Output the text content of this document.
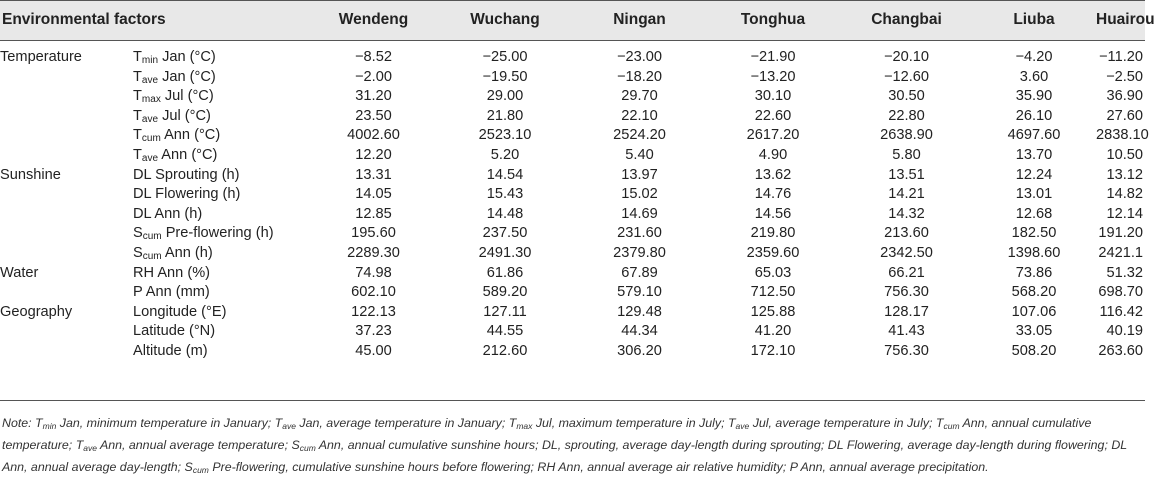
Environmental factors		Wendeng	Wuchang	Ningan	Tonghua	Changbai	Liuba	Huairou
Temperature	$T_{min}$ Jan (°C)	−8.52	−25.00	−23.00	−21.90	−20.10	−4.20	−11.20
	$T_{ave}$ Jan (°C)	−2.00	−19.50	−18.20	−13.20	−12.60	3.60	−2.50
	$T_{max}$ Jul (°C)	31.20	29.00	29.70	30.10	30.50	35.90	36.90
	$T_{ave}$ Jul (°C)	23.50	21.80	22.10	22.60	22.80	26.10	27.60
	$T_{cum}$ Ann (°C)	4002.60	2523.10	2524.20	2617.20	2638.90	4697.60	2838.10
	$T_{ave}$ Ann (°C)	12.20	5.20	5.40	4.90	5.80	13.70	10.50
Sunshine	DL Sprouting (h)	13.31	14.54	13.97	13.62	13.51	12.24	13.12
	DL Flowering (h)	14.05	15.43	15.02	14.76	14.21	13.01	14.82
	DL Ann (h)	12.85	14.48	14.69	14.56	14.32	12.68	12.14
	$S_{cum}$ Pre-flowering (h)	195.60	237.50	231.60	219.80	213.60	182.50	191.20
	$S_{cum}$ Ann (h)	2289.30	2491.30	2379.80	2359.60	2342.50	1398.60	2421.1
Water	RH Ann (%)	74.98	61.86	67.89	65.03	66.21	73.86	51.32
	P Ann (mm)	602.10	589.20	579.10	712.50	756.30	568.20	698.70
Geography	Longitude (°E)	122.13	127.11	129.48	125.88	128.17	107.06	116.42
	Latitude (°N)	37.23	44.55	44.34	41.20	41.43	33.05	40.19
	Altitude (m)	45.00	212.60	306.20	172.10	756.30	508.20	263.60
Note: $T_{min}$ Jan, minimum temperature in January; $T_{ave}$ Jan, average temperature in January; $T_{max}$ Jul, maximum temperature in July; $T_{ave}$ Jul, average temperature in July; $T_{cum}$ Ann, annual cumulative temperature; $T_{ave}$ Ann, annual average temperature; $S_{cum}$ Ann, annual cumulative sunshine hours; DL, sprouting, average day-length during sprouting; DL Flowering, average day-length during flowering; DL Ann, annual average day-length; $S_{cum}$ Pre-flowering, cumulative sunshine hours before flowering; RH Ann, annual average air relative humidity; P Ann, annual average precipitation.
